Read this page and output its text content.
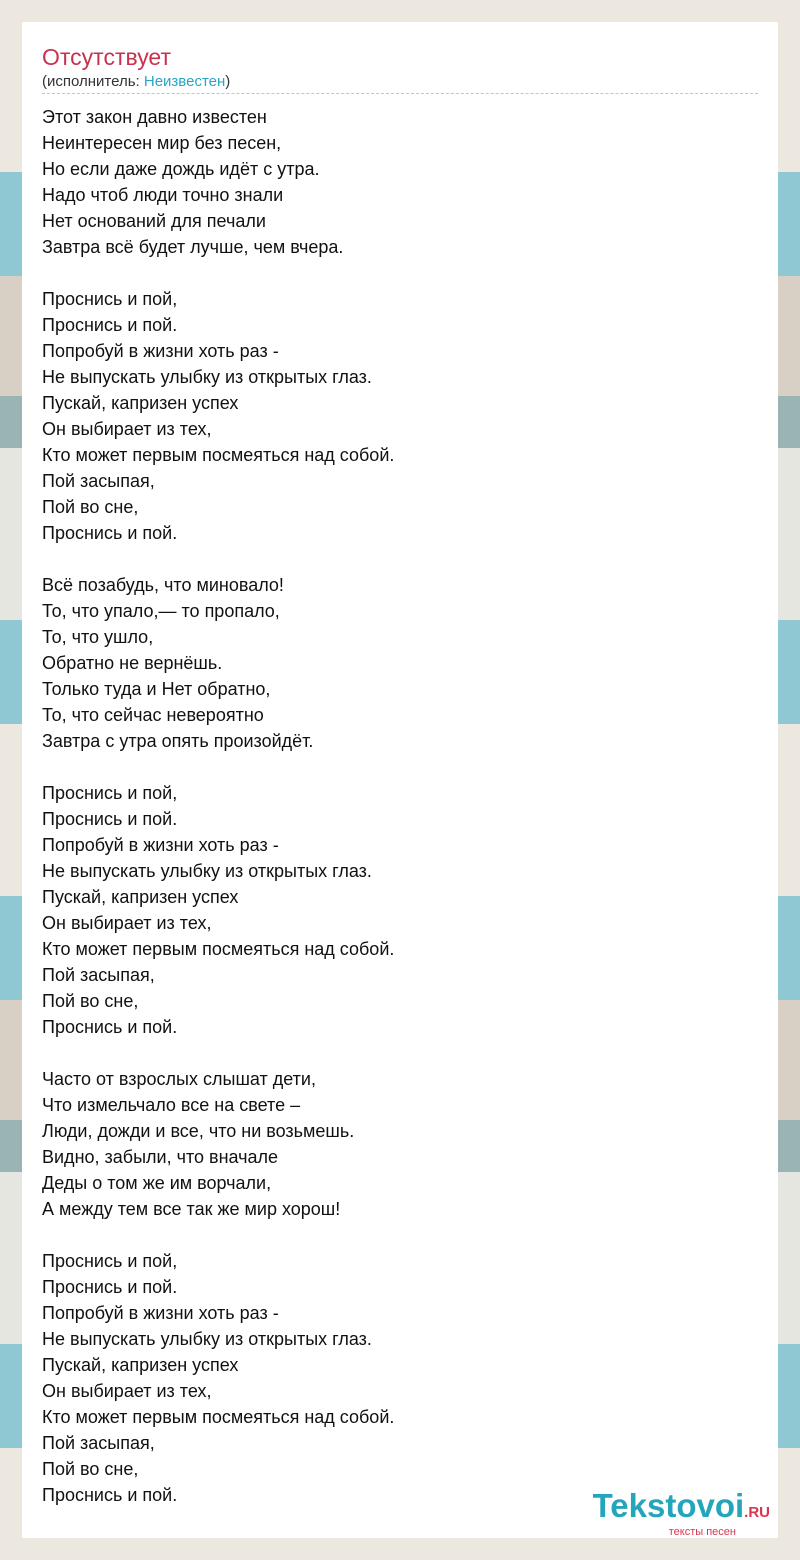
Отсутствует
(исполнитель: Неизвестен)
Этот закон давно известен
Неинтересен мир без песен,
Но если даже дождь идёт с утра.
Надо чтоб люди точно знали
Нет оснований для печали
Завтра всё будет лучше, чем вчера.
Проснись и пой,
Проснись и пой.
Попробуй в жизни хоть раз -
Не выпускать улыбку из открытых глаз.
Пускай, капризен успех
Он выбирает из тех,
Кто может первым посмеяться над собой.
Пой засыпая,
Пой во сне,
Проснись и пой.
Всё позабудь, что миновало!
То, что упало,— то пропало,
То, что ушло,
Обратно не вернёшь.
Только туда и Нет обратно,
То, что сейчас невероятно
Завтра с утра опять произойдёт.
Проснись и пой,
Проснись и пой.
Попробуй в жизни хоть раз -
Не выпускать улыбку из открытых глаз.
Пускай, капризен успех
Он выбирает из тех,
Кто может первым посмеяться над собой.
Пой засыпая,
Пой во сне,
Проснись и пой.
Часто от взрослых слышат дети,
Что измельчало все на свете –
Люди, дожди и все, что ни возьмешь.
Видно, забыли, что вначале
Деды о том же им ворчали,
А между тем все так же мир хорош!
Проснись и пой,
Проснись и пой.
Попробуй в жизни хоть раз -
Не выпускать улыбку из открытых глаз.
Пускай, капризен успех
Он выбирает из тех,
Кто может первым посмеяться над собой.
Пой засыпая,
Пой во сне,
Проснись и пой.	Tekstovoi.RU
тексты песен
